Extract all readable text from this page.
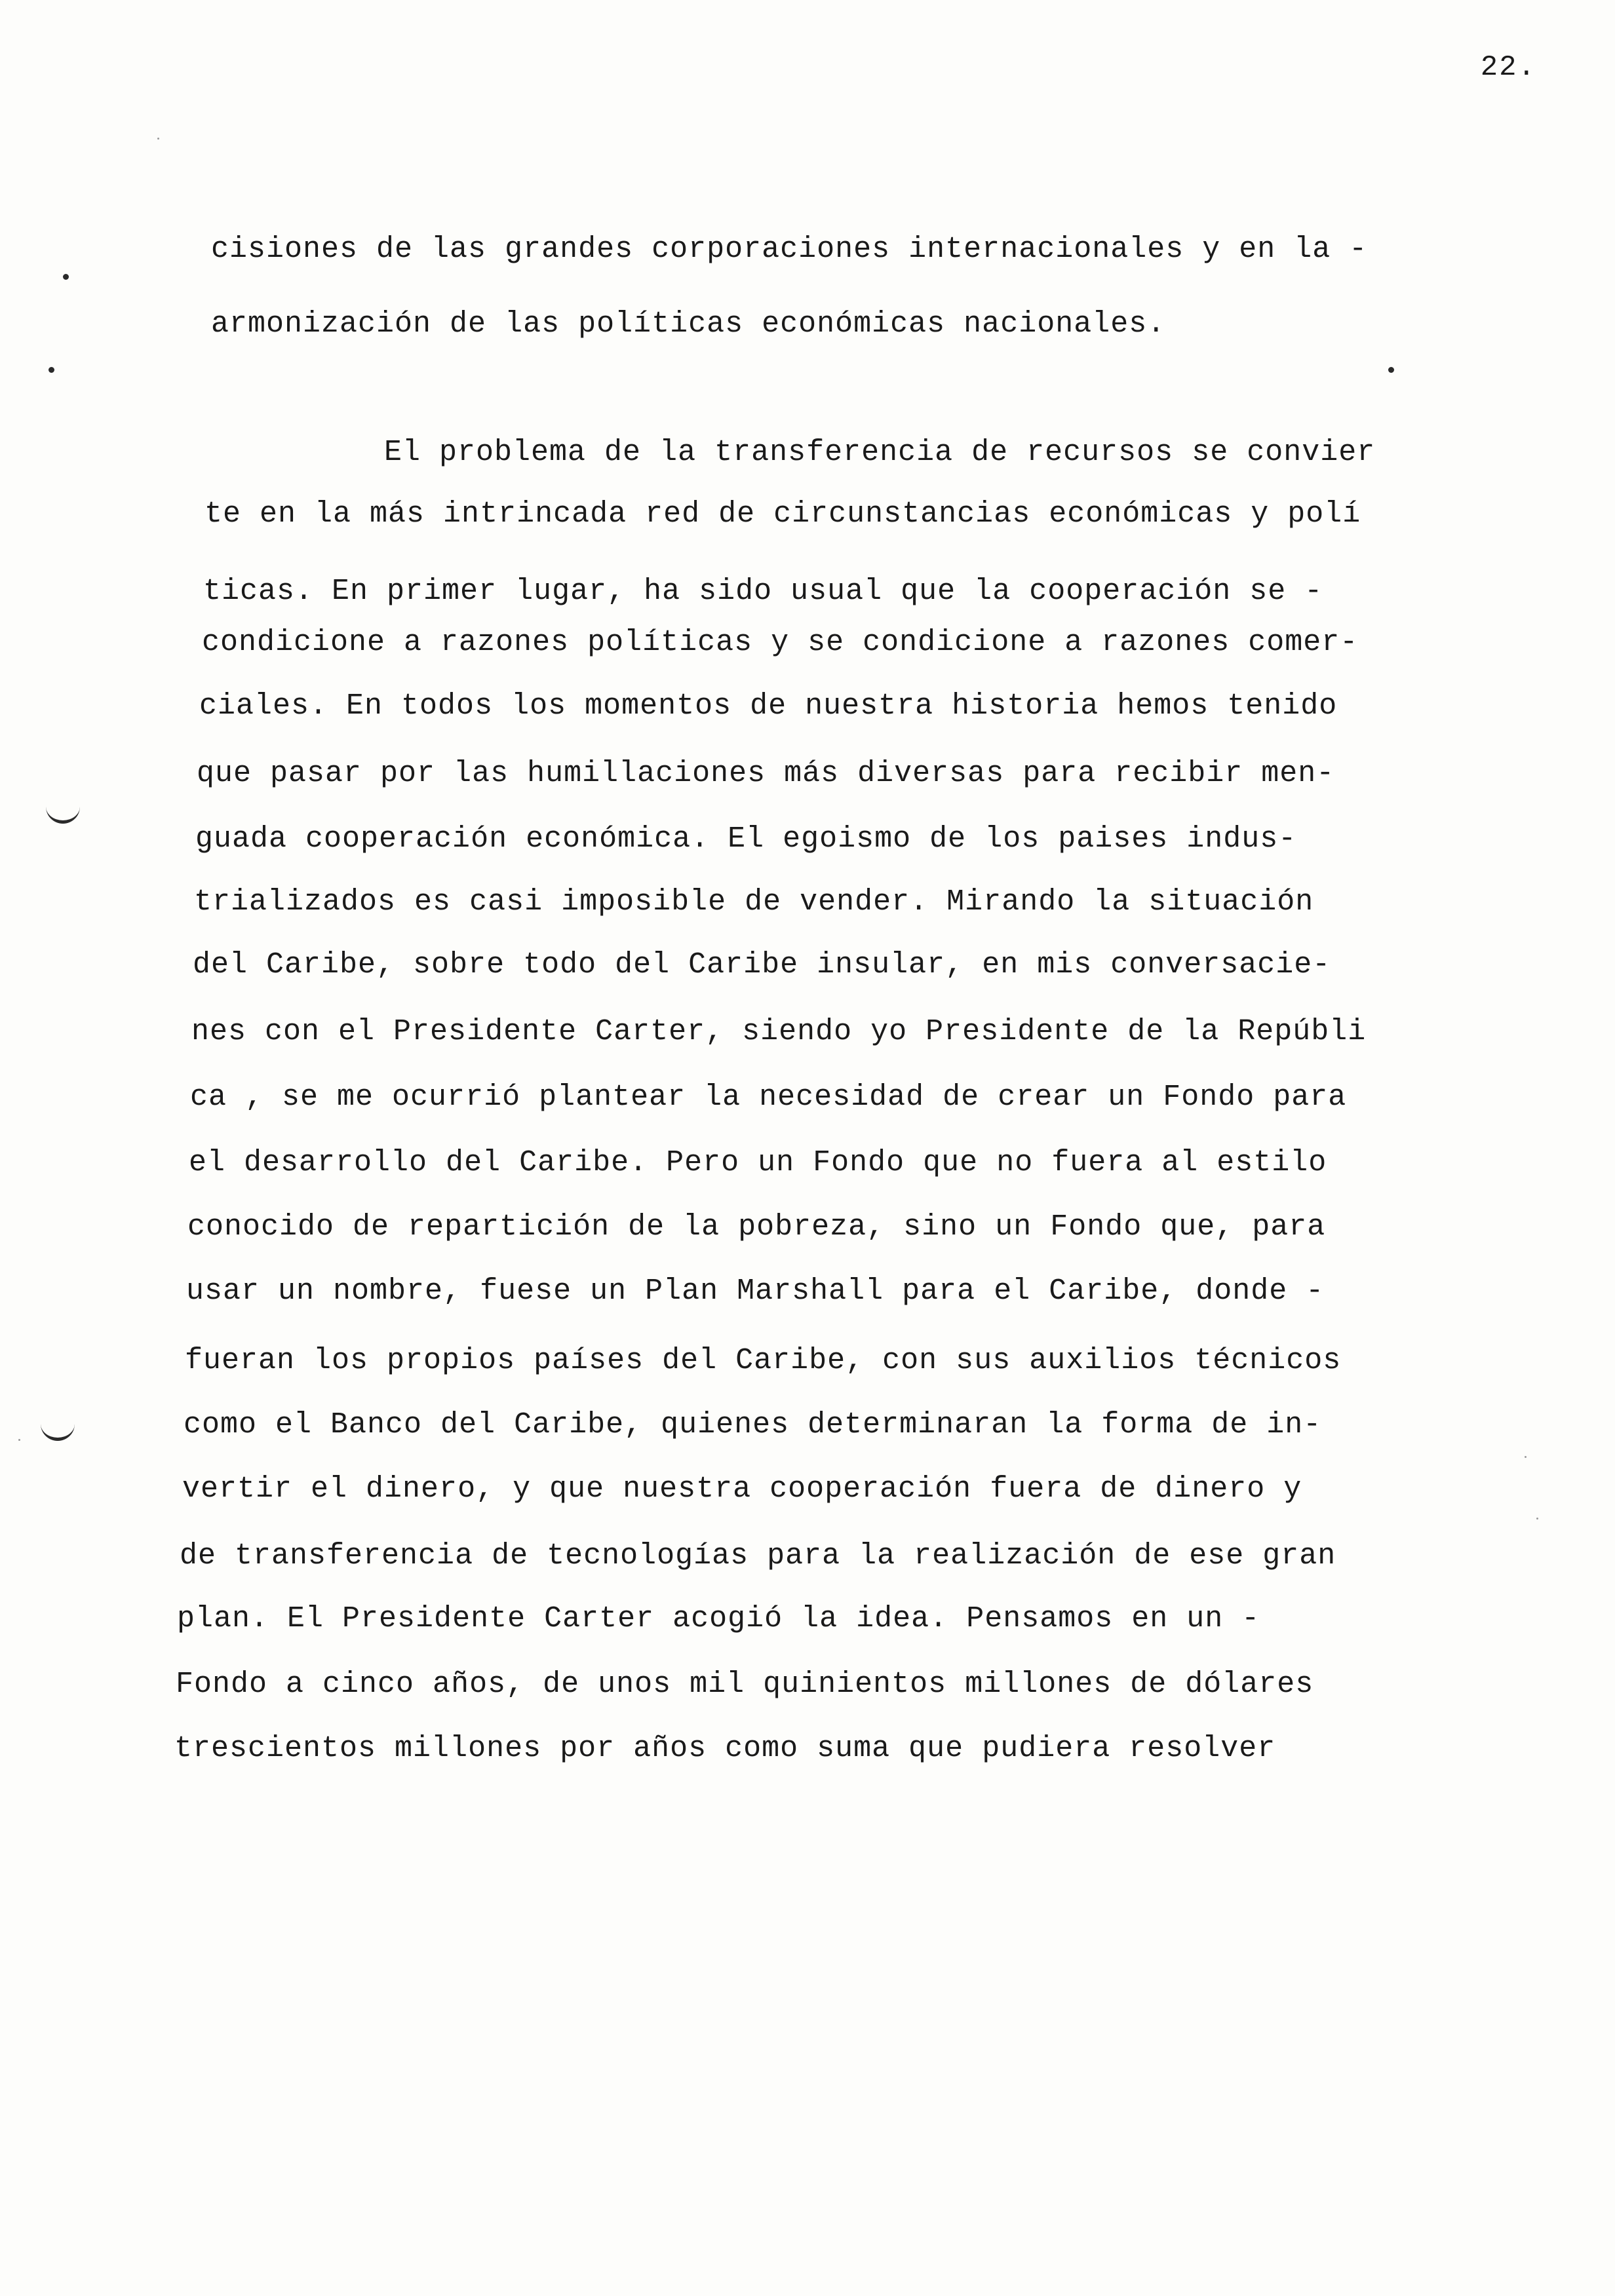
22.
cisiones de las grandes corporaciones internacionales y en la -
armonización de las políticas económicas nacionales.
El problema de la transferencia de recursos se convier
te en la más intrincada red de circunstancias económicas y polí
ticas. En primer lugar, ha sido usual que la cooperación se -
condicione a razones políticas y se condicione a razones comer-
ciales. En todos los momentos de nuestra historia hemos tenido
que pasar por las humillaciones más diversas para recibir men-
guada cooperación económica. El egoismo de los paises indus-
trializados es casi imposible de vender. Mirando la situación
del Caribe, sobre todo del Caribe insular, en mis conversacie-
nes con el Presidente Carter, siendo yo Presidente de la Repúbli
ca , se me ocurrió plantear la necesidad de crear un Fondo para
el desarrollo del Caribe. Pero un Fondo que no fuera al estilo
conocido de repartición de la pobreza, sino un Fondo que, para
usar un nombre, fuese un Plan Marshall para el Caribe, donde -
fueran los propios países del Caribe, con sus auxilios técnicos
como el Banco del Caribe, quienes determinaran la forma de in-
vertir el dinero, y que nuestra cooperación fuera de dinero y
de transferencia de tecnologías para la realización de ese gran
plan. El Presidente Carter acogió la idea. Pensamos en un -
Fondo a cinco años, de unos mil quinientos millones de dólares
trescientos millones por años como suma que pudiera resolver
